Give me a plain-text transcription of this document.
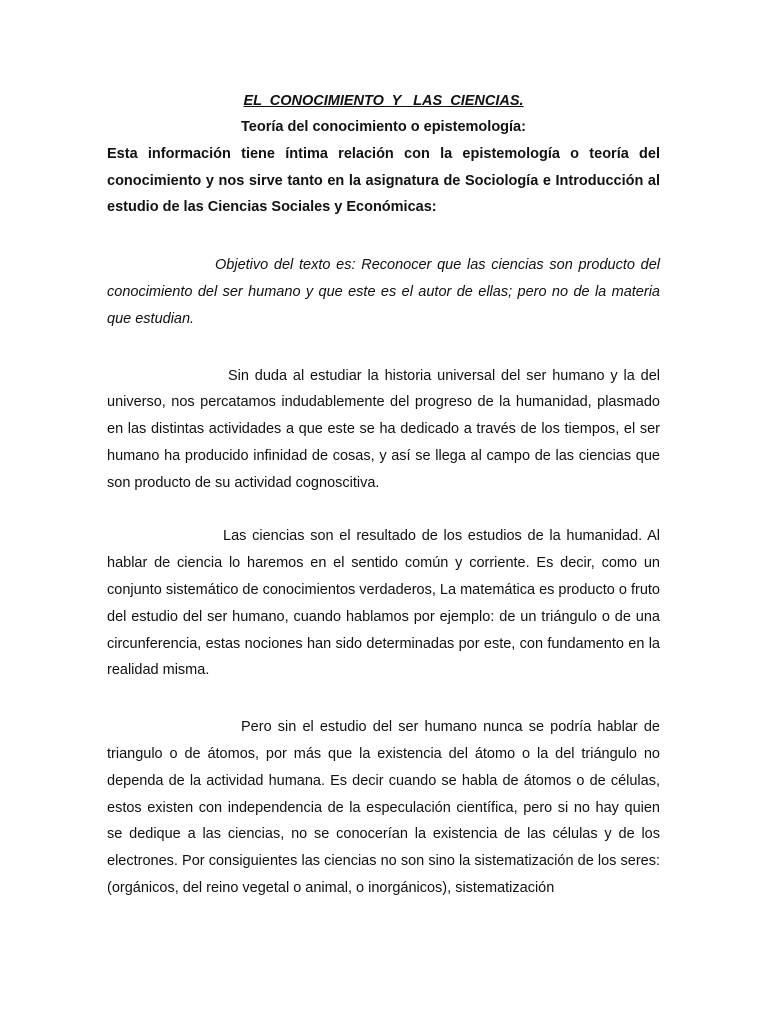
EL  CONOCIMIENTO  Y   LAS  CIENCIAS.

Teoría del conocimiento o epistemología:

Esta información tiene íntima relación con la epistemología o teoría del conocimiento y nos sirve tanto en la asignatura de Sociología e Introducción al estudio de las Ciencias Sociales y Económicas:

Objetivo del texto es: Reconocer que las ciencias son producto del conocimiento del ser humano y que este es el autor de ellas; pero no de la materia que estudian.

Sin duda al estudiar la historia universal del ser humano y la del universo, nos percatamos indudablemente del progreso de la humanidad, plasmado en las distintas actividades a que este se ha dedicado a través de los tiempos, el ser humano ha producido infinidad de cosas, y así se llega al campo de las ciencias que son producto de su actividad cognoscitiva.

Las ciencias son el resultado de los estudios de la humanidad. Al hablar de ciencia lo haremos en el sentido común y corriente. Es decir, como un conjunto sistemático de conocimientos verdaderos, La matemática es producto o fruto del estudio del ser humano, cuando hablamos por ejemplo: de un triángulo o de una circunferencia, estas nociones han sido determinadas por este, con fundamento en la realidad misma.

Pero sin el estudio del ser humano nunca se podría hablar de triangulo o de átomos, por más que la existencia del átomo o la del triángulo no dependa de la actividad humana. Es decir cuando se habla de átomos o de células, estos existen con independencia de la especulación científica, pero si no hay quien se dedique a las ciencias, no se conocerían la existencia de las células y de los electrones. Por consiguientes las ciencias no son sino la sistematización de los seres: (orgánicos, del reino vegetal o animal, o inorgánicos), sistematización
